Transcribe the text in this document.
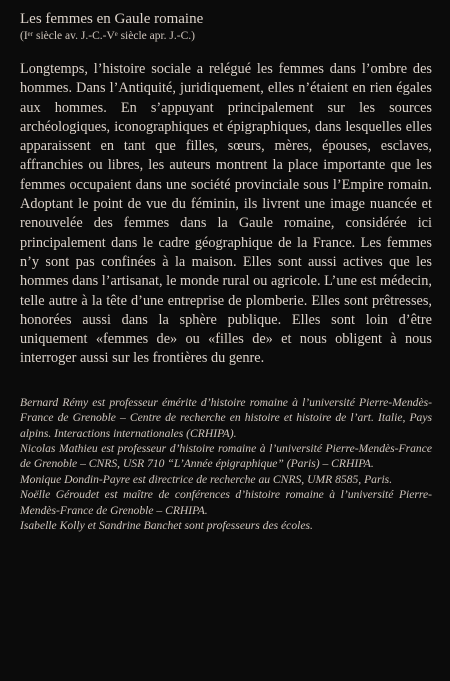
Les femmes en Gaule romaine
(Iᵉʳ siècle av. J.-C.-Vᵉ siècle apr. J.-C.)

Longtemps, l’histoire sociale a relégué les femmes dans l’ombre des hommes. Dans l’Antiquité, juridiquement, elles n’étaient en rien égales aux hommes. En s’appuyant principalement sur les sources archéologiques, iconographiques et épigraphiques, dans lesquelles elles apparaissent en tant que filles, sœurs, mères, épouses, esclaves, affranchies ou libres, les auteurs montrent la place importante que les femmes occupaient dans une société provinciale sous l’Empire romain. Adoptant le point de vue du féminin, ils livrent une image nuancée et renouvelée des femmes dans la Gaule romaine, considérée ici principalement dans le cadre géographique de la France. Les femmes n’y sont pas confinées à la maison. Elles sont aussi actives que les hommes dans l’artisanat, le monde rural ou agricole. L’une est médecin, telle autre à la tête d’une entreprise de plomberie. Elles sont prêtresses, honorées aussi dans la sphère publique. Elles sont loin d’être uniquement «femmes de» ou «filles de» et nous obligent à nous interroger aussi sur les frontières du genre.

Bernard Rémy est professeur émérite d’histoire romaine à l’université Pierre-Mendès-France de Grenoble – Centre de recherche en histoire et histoire de l’art. Italie, Pays alpins. Interactions internationales (CRHIPA).

Nicolas Mathieu est professeur d’histoire romaine à l’université Pierre-Mendès-France de Grenoble – CNRS, USR 710 “L’Année épigraphique” (Paris) – CRHIPA.

Monique Dondin-Payre est directrice de recherche au CNRS, UMR 8585, Paris.

Noëlle Géroudet est maître de conférences d’histoire romaine à l’université Pierre-Mendès-France de Grenoble – CRHIPA.

Isabelle Kolly et Sandrine Banchet sont professeurs des écoles.
